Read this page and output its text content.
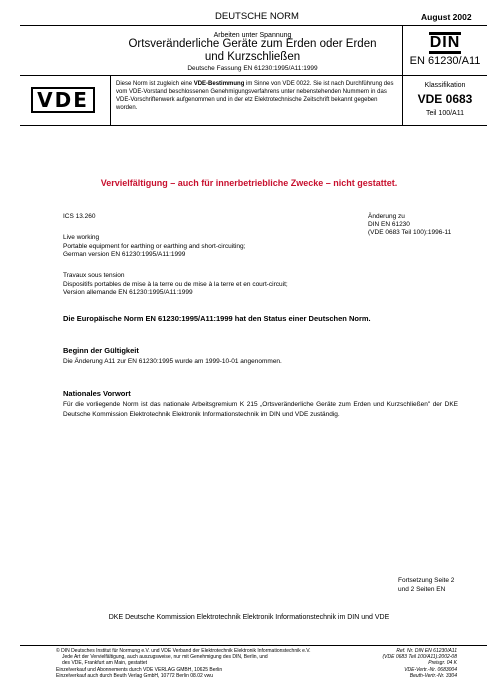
DEUTSCHE NORM	August 2002
Arbeiten unter Spannung
Ortsveränderliche Geräte zum Erden oder Erden
und Kurzschließen
Deutsche Fassung EN 61230:1995/A11:1999
DIN
EN 61230/A11
VDE
Diese Norm ist zugleich eine VDE-Bestimmung im Sinne von VDE 0022. Sie ist nach Durchführung des vom VDE-Vorstand beschlossenen Genehmigungsverfahrens unter nebenstehenden Nummern in das VDE-Vorschriftenwerk aufgenommen und in der etz Elektrotechnische Zeitschrift bekannt gegeben worden.
Klassifikation
VDE 0683
Teil 100/A11
Vervielfältigung – auch für innerbetriebliche Zwecke – nicht gestattet.
ICS 13.260	Änderung zu
DIN EN 61230
(VDE 0683 Teil 100):1996-11
Live working
Portable equipment for earthing or earthing and short-circuiting;
German version EN 61230:1995/A11:1999
Travaux sous tension
Dispositifs portables de mise à la terre ou de mise à la terre et en court-circuit;
Version allemande EN 61230:1995/A11:1999
Die Europäische Norm EN 61230:1995/A11:1999 hat den Status einer Deutschen Norm.
Beginn der Gültigkeit
Die Änderung A11 zur EN 61230:1995 wurde am 1999-10-01 angenommen.
Nationales Vorwort
Für die vorliegende Norm ist das nationale Arbeitsgremium K 215 „Ortsveränderliche Geräte zum Erden und Kurzschließen" der DKE Deutsche Kommission Elektrotechnik Elektronik Informationstechnik im DIN und VDE zuständig.
Fortsetzung Seite 2
und 2 Seiten EN
DKE Deutsche Kommission Elektrotechnik Elektronik Informationstechnik im DIN und VDE
© DIN Deutsches Institut für Normung e.V. und VDE Verband der Elektrotechnik Elektronik Informationstechnik e.V.
Jede Art der Vervielfältigung, auch auszugsweise, nur mit Genehmigung des DIN, Berlin, und
des VDE, Frankfurt am Main, gestattet
Einzelverkauf und Abonnements durch VDE VERLAG GMBH, 10625 Berlin
Einzelverkauf auch durch Beuth Verlag GmbH, 10772 Berlin 08.02 vwu
Ref. Nr. DIN EN 61230/A11
(VDE 0683 Teil 100/A11):2002-08
Preisgr. 04 K
VDE-Vertr.-Nr. 0683004
Beuth-Vertr.-Nr. 3304
